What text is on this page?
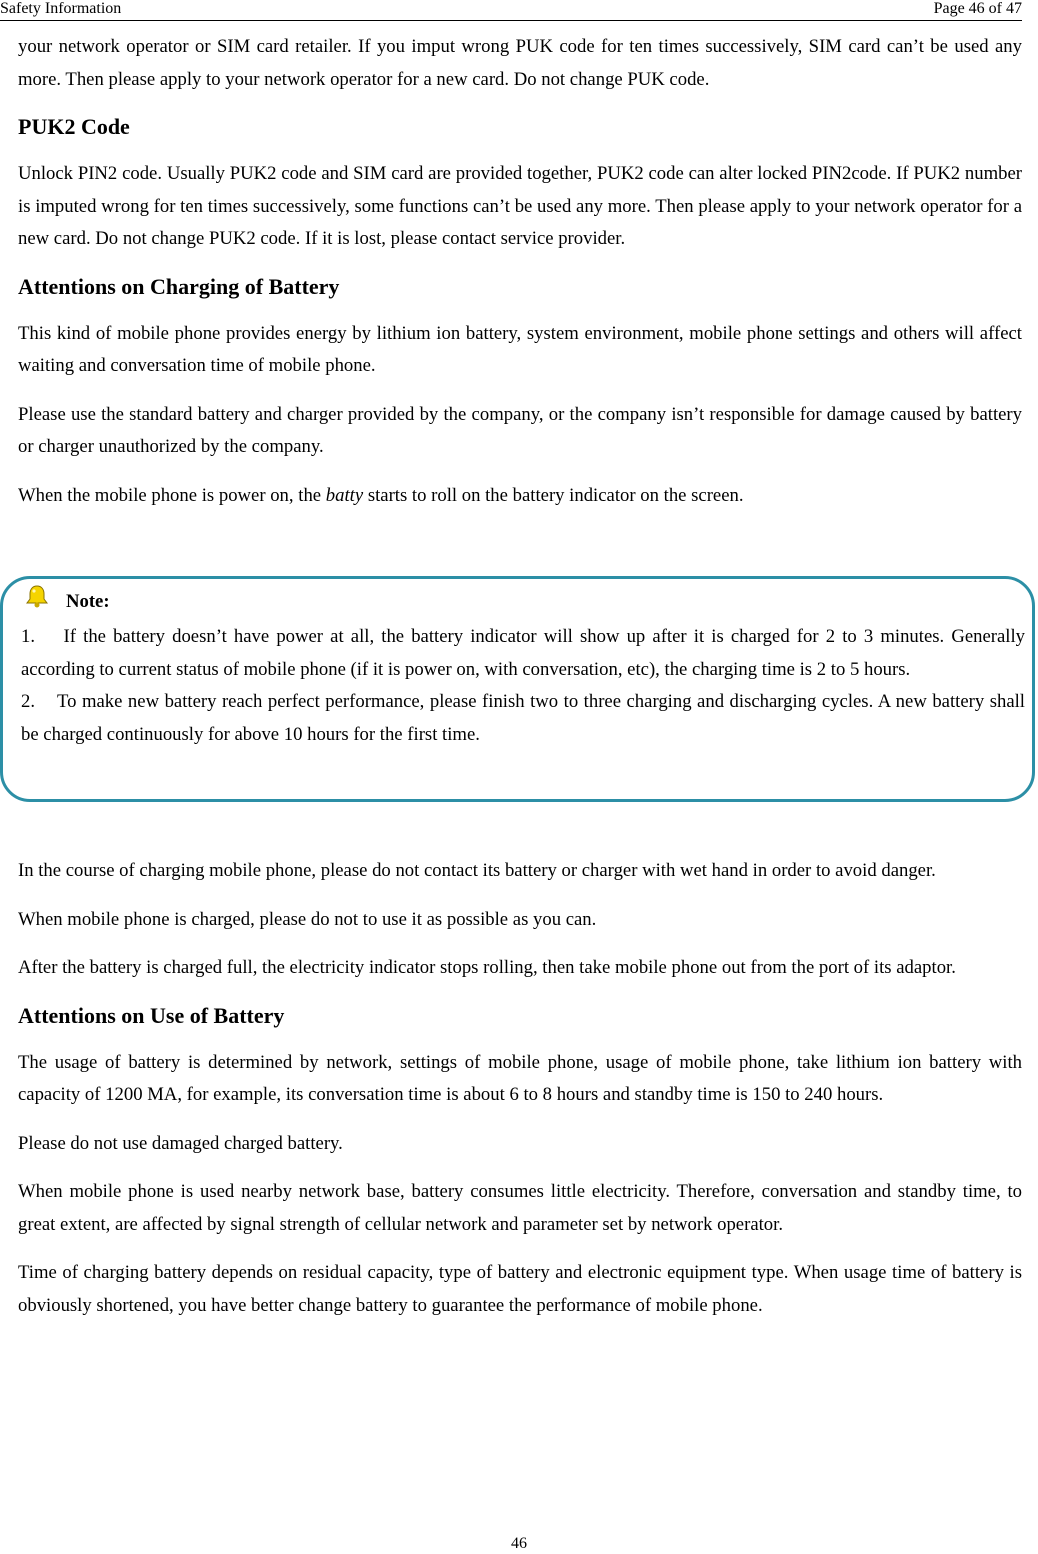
Safety Information	Page 46 of 47

your network operator or SIM card retailer. If you imput wrong PUK code for ten times successively, SIM card can’t be used any more. Then please apply to your network operator for a new card. Do not change PUK code.

PUK2 Code

Unlock PIN2 code. Usually PUK2 code and SIM card are provided together, PUK2 code can alter locked PIN2code. If PUK2 number is imputed wrong for ten times successively, some functions can’t be used any more. Then please apply to your network operator for a new card. Do not change PUK2 code. If it is lost, please contact service provider.

Attentions on Charging of Battery

This kind of mobile phone provides energy by lithium ion battery, system environment, mobile phone settings and others will affect waiting and conversation time of mobile phone.

Please use the standard battery and charger provided by the company, or the company isn’t responsible for damage caused by battery or charger unauthorized by the company.

When the mobile phone is power on, the batty starts to roll on the battery indicator on the screen.

Note:

1.    If the battery doesn’t have power at all, the battery indicator will show up after it is charged for 2 to 3 minutes. Generally according to current status of mobile phone (if it is power on, with conversation, etc), the charging time is 2 to 5 hours.

2.    To make new battery reach perfect performance, please finish two to three charging and discharging cycles. A new battery shall be charged continuously for above 10 hours for the first time.

In the course of charging mobile phone, please do not contact its battery or charger with wet hand in order to avoid danger.

When mobile phone is charged, please do not to use it as possible as you can.

After the battery is charged full, the electricity indicator stops rolling, then take mobile phone out from the port of its adaptor.

Attentions on Use of Battery

The usage of battery is determined by network, settings of mobile phone, usage of mobile phone, take lithium ion battery with capacity of 1200 MA, for example, its conversation time is about 6 to 8 hours and standby time is 150 to 240 hours.

Please do not use damaged charged battery.

When mobile phone is used nearby network base, battery consumes little electricity. Therefore, conversation and standby time, to great extent, are affected by signal strength of cellular network and parameter set by network operator.

Time of charging battery depends on residual capacity, type of battery and electronic equipment type. When usage time of battery is obviously shortened, you have better change battery to guarantee the performance of mobile phone.

46
